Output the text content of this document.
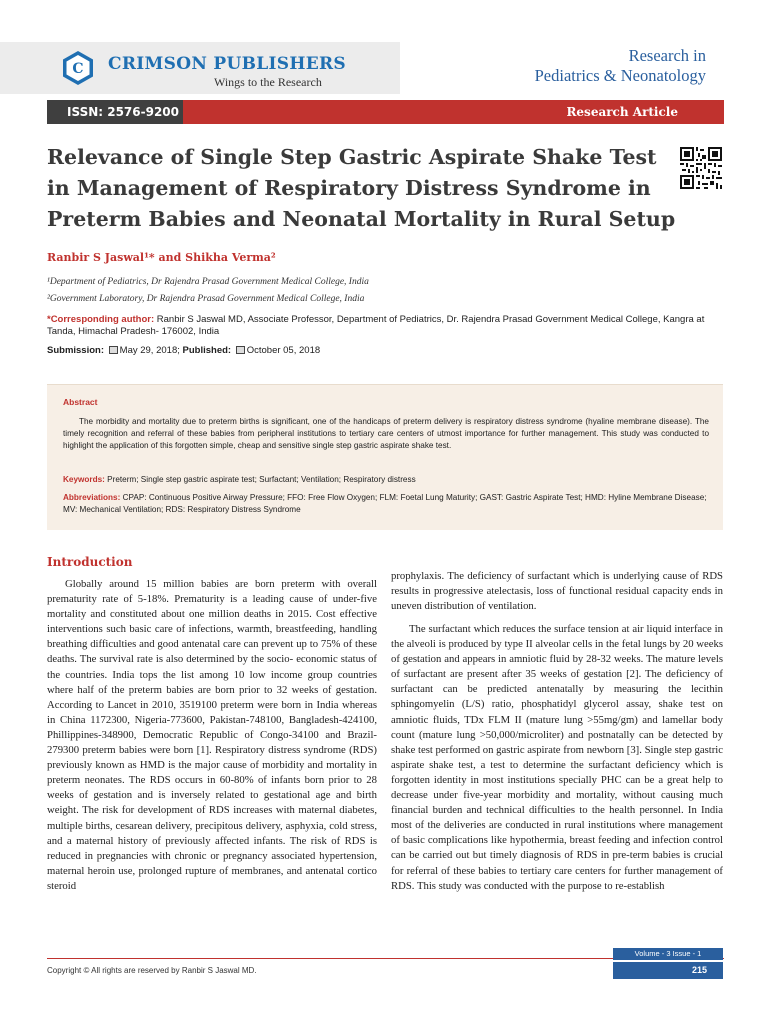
C CRIMSON PUBLISHERS
Wings to the Research
Research in
Pediatrics & Neonatology
ISSN: 2576-9200	Research Article
Relevance of Single Step Gastric Aspirate Shake Test in Management of Respiratory Distress Syndrome in Preterm Babies and Neonatal Mortality in Rural Setup
Ranbir S Jaswal¹* and Shikha Verma²
¹Department of Pediatrics, Dr Rajendra Prasad Government Medical College, India
²Government Laboratory, Dr Rajendra Prasad Government Medical College, India
*Corresponding author: Ranbir S Jaswal MD, Associate Professor, Department of Pediatrics, Dr. Rajendra Prasad Government Medical College, Kangra at Tanda, Himachal Pradesh- 176002, India
Submission: May 29, 2018; Published: October 05, 2018
Abstract
The morbidity and mortality due to preterm births is significant, one of the handicaps of preterm delivery is respiratory distress syndrome (hyaline membrane disease). The timely recognition and referral of these babies from peripheral institutions to tertiary care centers of utmost importance for further management. This study was conducted to highlight the application of this forgotten simple, cheap and sensitive single step gastric aspirate shake test.
Keywords: Preterm; Single step gastric aspirate test; Surfactant; Ventilation; Respiratory distress
Abbreviations: CPAP: Continuous Positive Airway Pressure; FFO: Free Flow Oxygen; FLM: Foetal Lung Maturity; GAST: Gastric Aspirate Test; HMD: Hyline Membrane Disease; MV: Mechanical Ventilation; RDS: Respiratory Distress Syndrome
Introduction

Globally around 15 million babies are born preterm with overall prematurity rate of 5-18%. Prematurity is a leading cause of under-five mortality and constituted about one million deaths in 2015. Cost effective interventions such basic care of infections, warmth, breastfeeding, handling breathing difficulties and good antenatal care can prevent up to 75% of these deaths. The survival rate is also determined by the socio- economic status of the countries. India tops the list among 10 low income group countries where half of the preterm babies are born prior to 32 weeks of gestation. According to Lancet in 2010, 3519100 preterm were born in India whereas in China 1172300, Nigeria-773600, Pakistan-748100, Bangladesh-424100, Phillippines-348900, Democratic Republic of Congo-34100 and Brazil-279300 preterm babies were born [1]. Respiratory distress syndrome (RDS) previously known as HMD is the major cause of morbidity and mortality in preterm neonates. The RDS occurs in 60-80% of infants born prior to 28 weeks of gestation and is inversely related to gestational age and birth weight. The risk for development of RDS increases with maternal diabetes, multiple births, cesarean delivery, precipitous delivery, asphyxia, cold stress, and a maternal history of previously affected infants. The risk of RDS is reduced in pregnancies with chronic or pregnancy associated hypertension, maternal heroin use, prolonged rupture of membranes, and antenatal cortico steroid

prophylaxis. The deficiency of surfactant which is underlying cause of RDS results in progressive atelectasis, loss of functional residual capacity ends in uneven distribution of ventilation.

The surfactant which reduces the surface tension at air liquid interface in the alveoli is produced by type II alveolar cells in the fetal lungs by 20 weeks of gestation and appears in amniotic fluid by 28-32 weeks. The mature levels of surfactant are present after 35 weeks of gestation [2]. The deficiency of surfactant can be predicted antenatally by measuring the lecithin sphingomyelin (L/S) ratio, phosphatidyl glycerol assay, shake test on amniotic fluids, TDx FLM II (mature lung >55mg/gm) and lamellar body count (mature lung >50,000/microliter) and postnatally can be detected by shake test performed on gastric aspirate from newborn [3]. Single step gastric aspirate shake test, a test to determine the surfactant deficiency which is forgotten identity in most institutions specially PHC can be a great help to decrease under five-year morbidity and mortality, without causing much financial burden and technical difficulties to the health personnel. In India most of the deliveries are conducted in rural institutions where management of basic complications like hypothermia, breast feeding and infection control can be carried out but timely diagnosis of RDS in pre-term babies is crucial for referral of these babies to tertiary care centers for further management of RDS. This study was conducted with the purpose to re-establish

Volume - 3 Issue - 1
Copyright © All rights are reserved by Ranbir S Jaswal MD.	215
